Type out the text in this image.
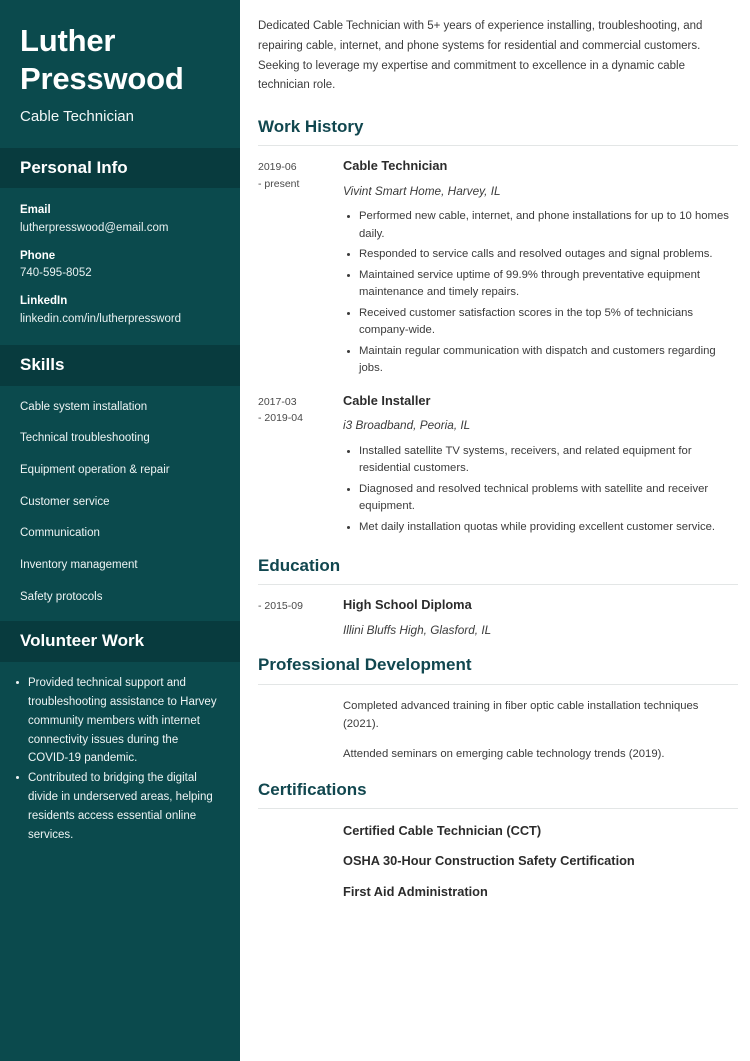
Luther Presswood
Cable Technician
Personal Info
Email
lutherpresswood@email.com
Phone
740-595-8052
LinkedIn
linkedin.com/in/lutherpressword
Skills
Cable system installation
Technical troubleshooting
Equipment operation & repair
Customer service
Communication
Inventory management
Safety protocols
Volunteer Work
Provided technical support and troubleshooting assistance to Harvey community members with internet connectivity issues during the COVID-19 pandemic.
Contributed to bridging the digital divide in underserved areas, helping residents access essential online services.

Dedicated Cable Technician with 5+ years of experience installing, troubleshooting, and repairing cable, internet, and phone systems for residential and commercial customers. Seeking to leverage my expertise and commitment to excellence in a dynamic cable technician role.

Work History
2019-06
- present
Cable Technician
Vivint Smart Home, Harvey, IL
Performed new cable, internet, and phone installations for up to 10 homes daily.
Responded to service calls and resolved outages and signal problems.
Maintained service uptime of 99.9% through preventative equipment maintenance and timely repairs.
Received customer satisfaction scores in the top 5% of technicians company-wide.
Maintain regular communication with dispatch and customers regarding jobs.
2017-03
- 2019-04
Cable Installer
i3 Broadband, Peoria, IL
Installed satellite TV systems, receivers, and related equipment for residential customers.
Diagnosed and resolved technical problems with satellite and receiver equipment.
Met daily installation quotas while providing excellent customer service.
Education
- 2015-09	High School Diploma
Illini Bluffs High, Glasford, IL
Professional Development
Completed advanced training in fiber optic cable installation techniques (2021).
Attended seminars on emerging cable technology trends (2019).
Certifications
Certified Cable Technician (CCT)
OSHA 30-Hour Construction Safety Certification
First Aid Administration
